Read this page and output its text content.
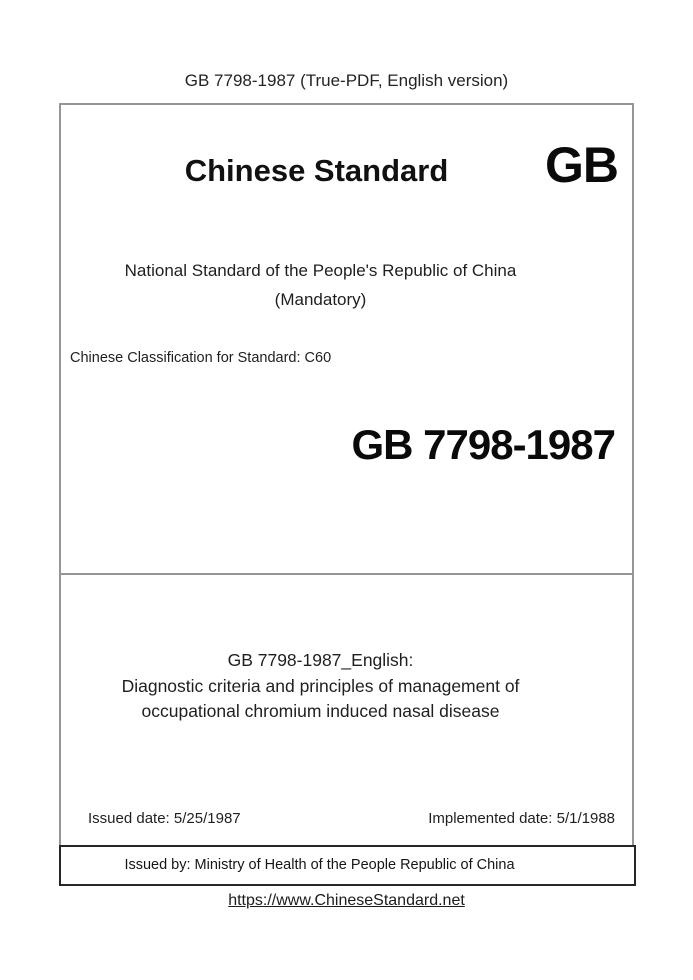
GB 7798-1987 (True-PDF, English version)
Chinese Standard	GB
National Standard of the People's Republic of China
(Mandatory)
Chinese Classification for Standard: C60
GB 7798-1987
GB 7798-1987_English:
Diagnostic criteria and principles of management of
occupational chromium induced nasal disease
Issued date: 5/25/1987	Implemented date: 5/1/1988
Issued by: Ministry of Health of the People Republic of China
https://www.ChineseStandard.net
